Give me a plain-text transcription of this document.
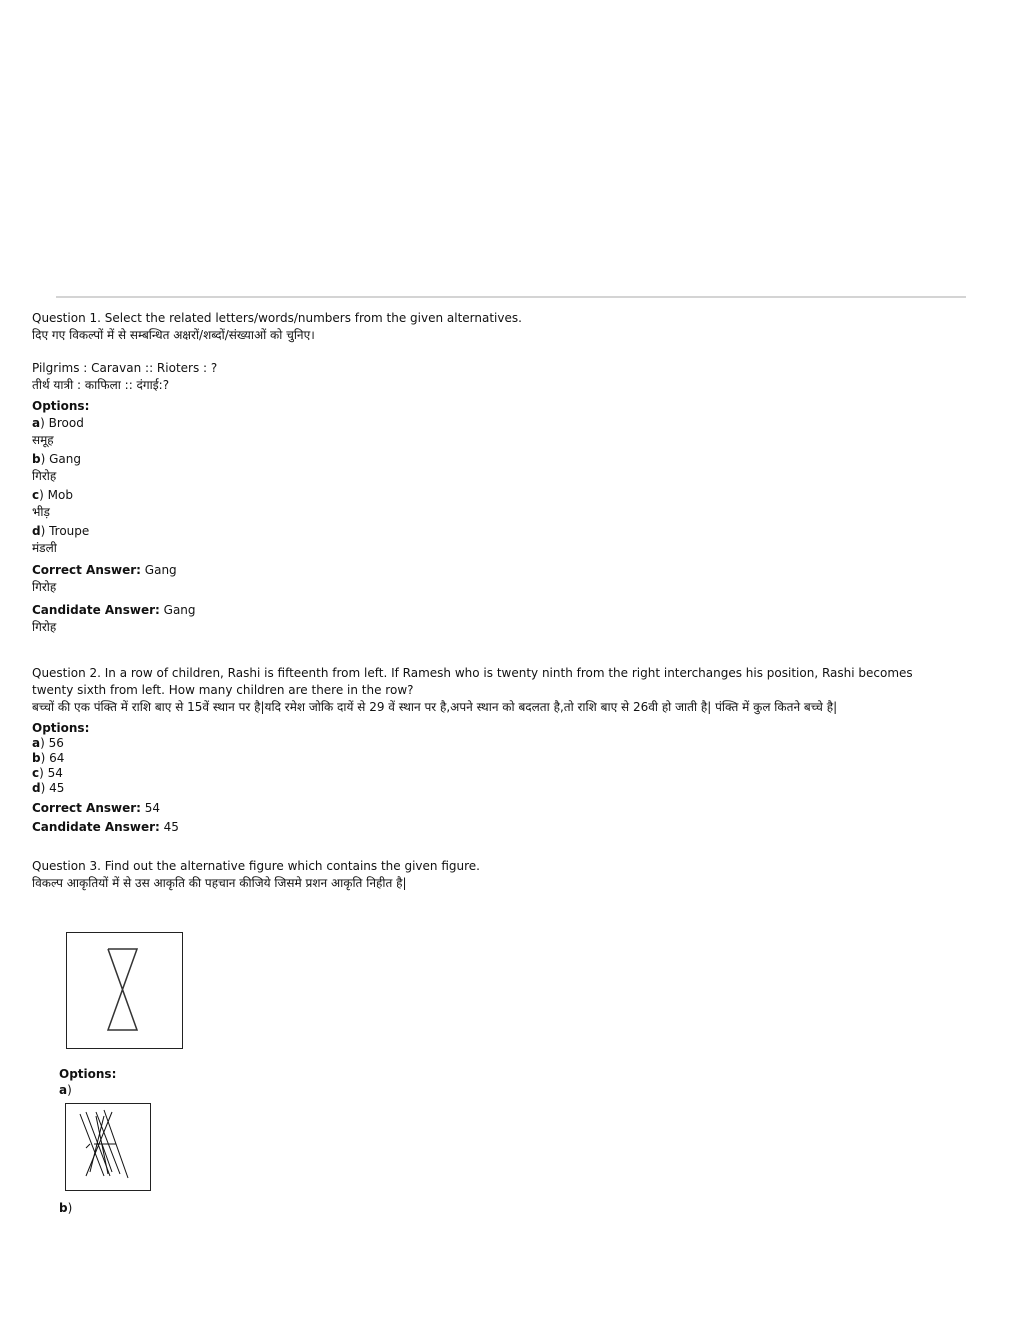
Question 1. Select the related letters/words/numbers from the given alternatives.
दिए गए विकल्पों में से सम्बन्धित अक्षरों/शब्दों/संख्याओं को चुनिए।
Pilgrims : Caravan :: Rioters : ?
तीर्थ यात्री : काफिला :: दंगाई:?
Options:
a) Brood
समूह
b) Gang
गिरोह
c) Mob
भीड़
d) Troupe
मंडली
Correct Answer: Gang
गिरोह
Candidate Answer: Gang
गिरोह
Question 2. In a row of children, Rashi is fifteenth from left. If Ramesh who is twenty ninth from the right interchanges his position, Rashi becomes twenty sixth from left. How many children are there in the row?
बच्चों की एक पंक्ति में राशि बाए से 15वें स्थान पर है|यदि रमेश जोकि दायें से 29 वें स्थान पर है,अपने स्थान को बदलता है,तो राशि बाए से 26वी हो जाती है| पंक्ति में कुल कितने बच्चे है|
Options:
a) 56
b) 64
c) 54
d) 45
Correct Answer: 54
Candidate Answer: 45
Question 3. Find out the alternative figure which contains the given figure.
विकल्प आकृतियों में से उस आकृति की पहचान कीजिये जिसमे प्रशन आकृति निहीत है|
Options:
a)
b)
